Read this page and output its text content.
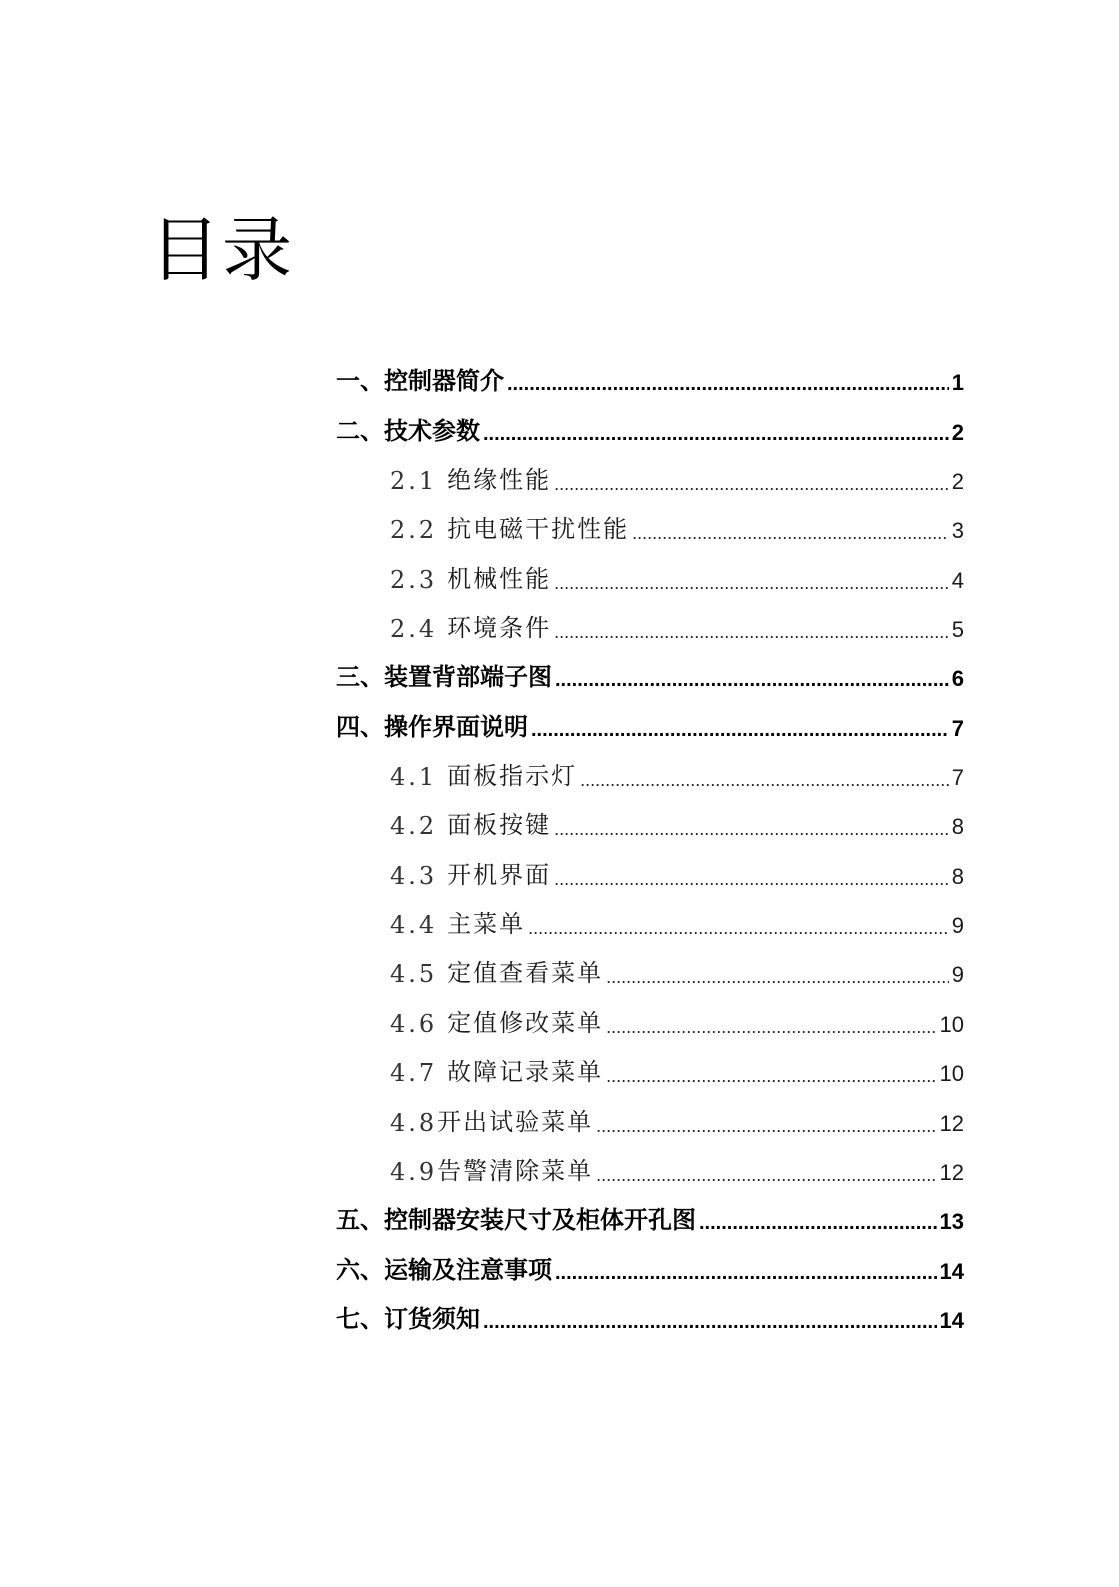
目录
一、 控制器简介 .....	1
二、 技术参数 .....	2
2.1 绝缘性能 .....	2
2.2 抗电磁干扰性能 .....	3
2.3 机械性能 .....	4
2.4 环境条件 .....	5
三、 装置背部端子图 .....	6
四、 操作界面说明 .....	7
4.1 面板指示灯 .....	7
4.2 面板按键 .....	8
4.3 开机界面 .....	8
4.4 主菜单 .....	9
4.5 定值查看菜单 .....	9
4.6 定值修改菜单 .....	10
4.7 故障记录菜单 .....	10
4.8 开出试验菜单 .....	12
4.9 告警清除菜单 .....	12
五、 控制器安装尺寸及柜体开孔图 .....	13
六、 运输及注意事项 .....	14
七、 订货须知 .....	14
